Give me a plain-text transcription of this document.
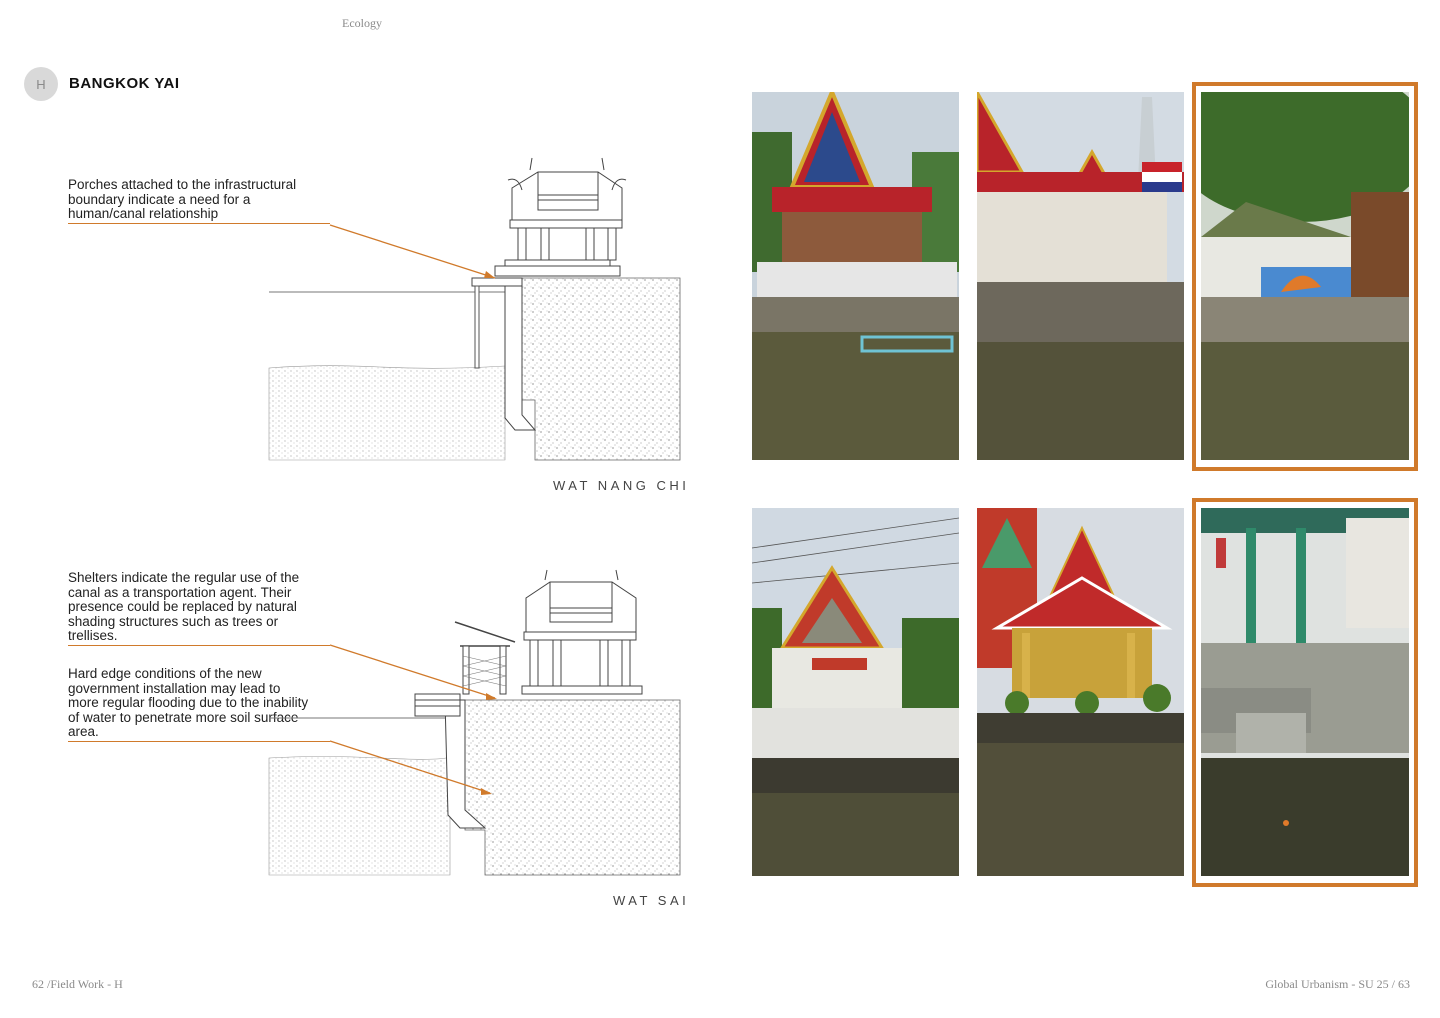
Ecology
H	BANGKOK YAI
Porches attached to the infrastructural boundary indicate a need for a human/canal relationship
WAT NANG CHI
Shelters indicate the regular use of the canal as a transportation agent. Their presence could be replaced by natural shading structures such as trees or trellises.
Hard edge conditions of the new government installation may lead to more regular flooding due to the inability of water to penetrate more soil surface area.
WAT SAI
62 /Field Work - H	Global Urbanism - SU 25 / 63
